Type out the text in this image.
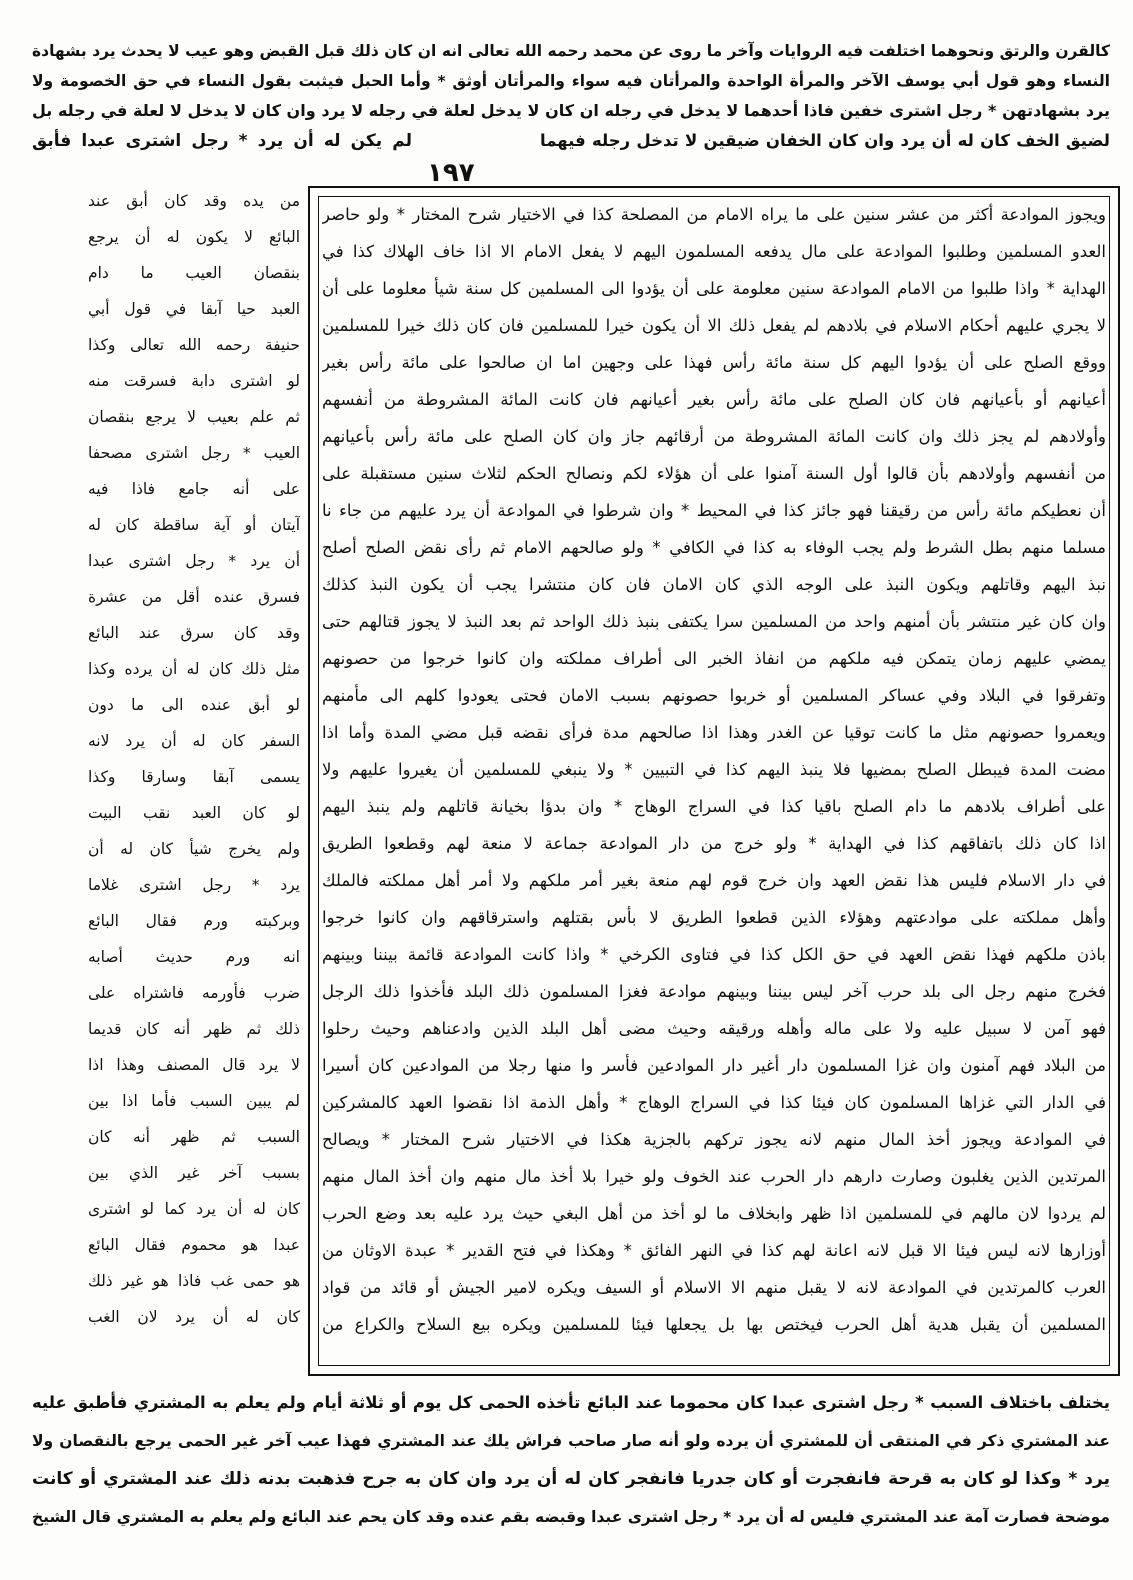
كالقرن والرتق ونحوهما اختلفت فيه الروايات وآخر ما روى عن محمد رحمه الله تعالى انه ان كان ذلك قبل القبض وهو عيب لا يحدث يرد بشهادة
النساء وهو قول أبي يوسف الآخر والمرأة الواحدة والمرأتان فيه سواء والمرأتان أوثق * وأما الحبل فيثبت بقول النساء في حق الخصومة ولا
يرد بشهادتهن * رجل اشترى خفين فاذا أحدهما لا يدخل في رجله ان كان لا يدخل لعلة في رجله لا يرد وان كان لا يدخل لا لعلة في رجله بل
لضيق الخف كان له أن يرد وان كان الخفان ضيقين لا تدخل رجله فيهما
لم يكن له أن يرد * رجل اشترى عبدا فأبق
١٩٧
ويجوز الموادعة أكثر من عشر سنين على ما يراه الامام من المصلحة كذا في الاختيار شرح المختار * ولو حاصر
العدو المسلمين وطلبوا الموادعة على مال يدفعه المسلمون اليهم لا يفعل الامام الا اذا خاف الهلاك كذا في
الهداية * واذا طلبوا من الامام الموادعة سنين معلومة على أن يؤدوا الى المسلمين كل سنة شيأ معلوما على أن
لا يجري عليهم أحكام الاسلام في بلادهم لم يفعل ذلك الا أن يكون خيرا للمسلمين فان كان ذلك خيرا للمسلمين
ووقع الصلح على أن يؤدوا اليهم كل سنة مائة رأس فهذا على وجهين اما ان صالحوا على مائة رأس بغير
أعيانهم أو بأعيانهم فان كان الصلح على مائة رأس بغير أعيانهم فان كانت المائة المشروطة من أنفسهم
وأولادهم لم يجز ذلك وان كانت المائة المشروطة من أرقائهم جاز وان كان الصلح على مائة رأس بأعيانهم
من أنفسهم وأولادهم بأن قالوا أول السنة آمنوا على أن هؤلاء لكم ونصالح الحكم لثلاث سنين مستقبلة على
أن نعطيكم مائة رأس من رقيقنا فهو جائز كذا في المحيط * وان شرطوا في الموادعة أن يرد عليهم من جاء نا
مسلما منهم بطل الشرط ولم يجب الوفاء به كذا في الكافي * ولو صالحهم الامام ثم رأى نقض الصلح أصلح
نبذ اليهم وقاتلهم ويكون النبذ على الوجه الذي كان الامان فان كان منتشرا يجب أن يكون النبذ كذلك
وان كان غير منتشر بأن أمنهم واحد من المسلمين سرا يكتفى بنبذ ذلك الواحد ثم بعد النبذ لا يجوز قتالهم حتى
يمضي عليهم زمان يتمكن فيه ملكهم من انفاذ الخبر الى أطراف مملكته وان كانوا خرجوا من حصونهم
وتفرقوا في البلاد وفي عساكر المسلمين أو خربوا حصونهم بسبب الامان فحتى يعودوا كلهم الى مأمنهم
ويعمروا حصونهم مثل ما كانت توقيا عن الغدر وهذا اذا صالحهم مدة فرأى نقضه قبل مضي المدة وأما اذا
مضت المدة فيبطل الصلح بمضيها فلا ينبذ اليهم كذا في التبيين * ولا ينبغي للمسلمين أن يغيروا عليهم ولا
على أطراف بلادهم ما دام الصلح باقيا كذا في السراج الوهاج * وان بدؤا بخيانة قاتلهم ولم ينبذ اليهم
اذا كان ذلك باتفاقهم كذا في الهداية * ولو خرج من دار الموادعة جماعة لا منعة لهم وقطعوا الطريق
في دار الاسلام فليس هذا نقض العهد وان خرج قوم لهم منعة بغير أمر ملكهم ولا أمر أهل مملكته فالملك
وأهل مملكته على موادعتهم وهؤلاء الذين قطعوا الطريق لا بأس بقتلهم واسترقاقهم وان كانوا خرجوا
باذن ملكهم فهذا نقض العهد في حق الكل كذا في فتاوى الكرخي * واذا كانت الموادعة قائمة بيننا وبينهم
فخرج منهم رجل الى بلد حرب آخر ليس بيننا وبينهم موادعة فغزا المسلمون ذلك البلد فأخذوا ذلك الرجل
فهو آمن لا سبيل عليه ولا على ماله وأهله ورقيقه وحيث مضى أهل البلد الذين وادعناهم وحيث رحلوا
من البلاد فهم آمنون وان غزا المسلمون دار أغير دار الموادعين فأسر وا منها رجلا من الموادعين كان أسيرا
في الدار التي غزاها المسلمون كان فيئا كذا في السراج الوهاج * وأهل الذمة اذا نقضوا العهد كالمشركين
في الموادعة ويجوز أخذ المال منهم لانه يجوز تركهم بالجزية هكذا في الاختيار شرح المختار * ويصالح
المرتدين الذين يغلبون وصارت دارهم دار الحرب عند الخوف ولو خيرا بلا أخذ مال منهم وان أخذ المال منهم
لم يردوا لان مالهم في للمسلمين اذا ظهر وابخلاف ما لو أخذ من أهل البغي حيث يرد عليه بعد وضع الحرب
أوزارها لانه ليس فيئا الا قبل لانه اعانة لهم كذا في النهر الفائق * وهكذا في فتح القدير * عبدة الاوثان من
العرب كالمرتدين في الموادعة لانه لا يقبل منهم الا الاسلام أو السيف ويكره لامير الجيش أو قائد من قواد
المسلمين أن يقبل هدية أهل الحرب فيختص بها بل يجعلها فيئا للمسلمين ويكره بيع السلاح والكراع من
من يده وقد كان أبق عند
البائع لا يكون له أن يرجع
بنقصان العيب ما دام
العبد حيا آبقا في قول أبي
حنيفة رحمه الله تعالى وكذا
لو اشترى دابة فسرقت منه
ثم علم بعيب لا يرجع بنقصان
العيب * رجل اشترى مصحفا
على أنه جامع فاذا فيه
آيتان أو آية ساقطة كان له
أن يرد * رجل اشترى عبدا
فسرق عنده أقل من عشرة
وقد كان سرق عند البائع
مثل ذلك كان له أن يرده وكذا
لو أبق عنده الى ما دون
السفر كان له أن يرد لانه
يسمى آبقا وسارقا وكذا
لو كان العبد نقب البيت
ولم يخرج شيأ كان له أن
يرد * رجل اشترى غلاما
وبركبته ورم فقال البائع
انه ورم حديث أصابه
ضرب فأورمه فاشتراه على
ذلك ثم ظهر أنه كان قديما
لا يرد قال المصنف وهذا اذا
لم يبين السبب فأما اذا بين
السبب ثم ظهر أنه كان
بسبب آخر غير الذي بين
كان له أن يرد كما لو اشترى
عبدا هو محموم فقال البائع
هو حمى غب فاذا هو غير ذلك
كان له أن يرد لان الغب
يختلف باختلاف السبب * رجل اشترى عبدا كان محموما عند البائع تأخذه الحمى كل يوم أو ثلاثة أيام ولم يعلم به المشتري فأطبق عليه
عند المشتري ذكر في المنتقى أن للمشتري أن يرده ولو أنه صار صاحب فراش يلك عند المشتري فهذا عيب آخر غير الحمى يرجع بالنقصان ولا
يرد * وكذا لو كان به قرحة فانفجرت أو كان جدريا فانفجر كان له أن يرد وان كان به جرح فذهبت بدنه ذلك عند المشتري أو كانت
موضحة فصارت آمة عند المشتري فليس له أن يرد * رجل اشترى عبدا وقبضه بقم عنده وقد كان يحم عند البائع ولم يعلم به المشتري قال الشيخ
